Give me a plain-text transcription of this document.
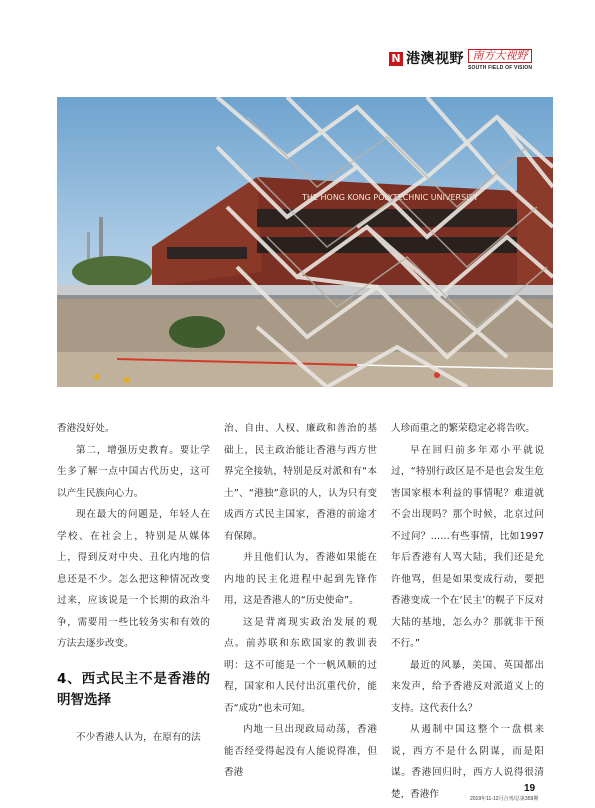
N 港澳视野 南方大视野
SOUTH FIELD OF VISION
THE HONG KONG POLYTECHNIC UNIVERSITY

香港没好处。

第二，增强历史教育。要让学生多了解一点中国古代历史，这可以产生民族向心力。

现在最大的问题是，年轻人在学校、在社会上，特别是从媒体上，得到反对中央、丑化内地的信息还是不少。怎么把这种情况改变过来，应该说是一个长期的政治斗争，需要用一些比较务实和有效的方法去逐步改变。

4、西式民主不是香港的明智选择

不少香港人认为，在原有的法

治、自由、人权、廉政和善治的基础上，民主政治能让香港与西方世界完全接轨，特别是反对派和有“本土”、“港独”意识的人，认为只有变成西方式民主国家，香港的前途才有保障。

并且他们认为，香港如果能在内地的民主化进程中起到先锋作用，这是香港人的“历史使命”。

这是背离现实政治发展的观点。前苏联和东欧国家的教训表明：这不可能是一个一帆风顺的过程，国家和人民付出沉重代价，能否“成功”也未可知。

内地一旦出现政局动荡，香港能否经受得起没有人能说得准，但香港

人珍而重之的繁荣稳定必将告吹。

早在回归前多年邓小平就说过，“特别行政区是不是也会发生危害国家根本利益的事情呢？难道就不会出现吗？那个时候，北京过问不过问？……有些事情，比如1997年后香港有人骂大陆，我们还是允许他骂，但是如果变成行动，要把香港变成一个在‘民主’的幌子下反对大陆的基地，怎么办？那就非干预不行。”

最近的风暴，美国、英国都出来发声，给予香港反对派道义上的支持。这代表什么？

从遏制中国这整个一盘棋来说，西方不是什么阴谋，而是阳谋。香港回归时，西方人说得很清楚，香港作	19
2019年11-12月合刊/总第359期
